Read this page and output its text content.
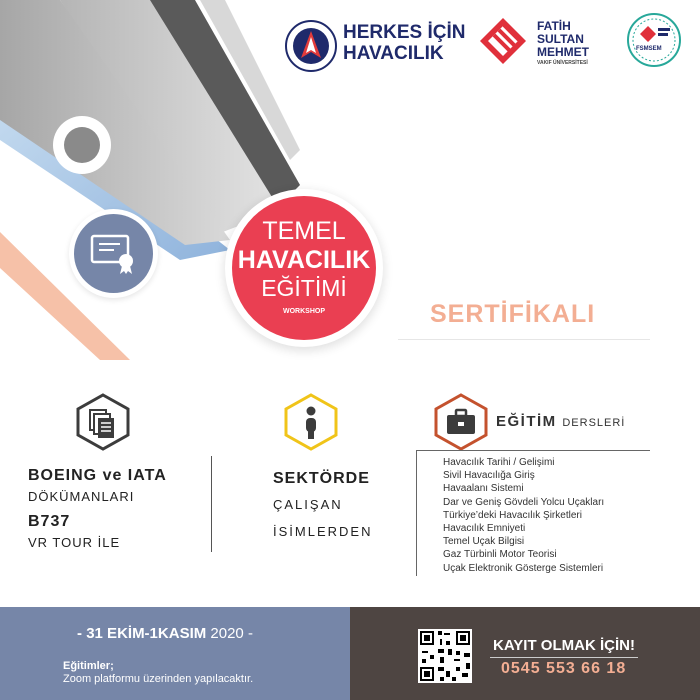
HERKES İÇİN
HAVACILIK
FATİH
SULTAN
MEHMET
VAKIF ÜNİVERSİTESİ
FSMSEM
TEMEL
HAVACILIK
EĞİTİMİ
WORKSHOP	SERTİFİKALI
BOEING ve IATA
DÖKÜMANLARI
B737
VR TOUR İLE
SEKTÖRDE
ÇALIŞAN
İSİMLERDEN
EĞİTİM DERSLERİ
Havacılık Tarihi / Gelişimi
Sivil Havacılığa Giriş
Havaalanı Sistemi
Dar ve Geniş Gövdeli Yolcu Uçakları
Türkiye’deki Havacılık Şirketleri
Havacılık Emniyeti
Temel Uçak Bilgisi
Gaz Türbinli Motor Teorisi
Uçak Elektronik Gösterge Sistemleri
- 31 EKİM-1KASIM 2020 -
Eğitimler;
Zoom platformu üzerinden yapılacaktır.
KAYIT OLMAK İÇİN!
0545 553 66 18
